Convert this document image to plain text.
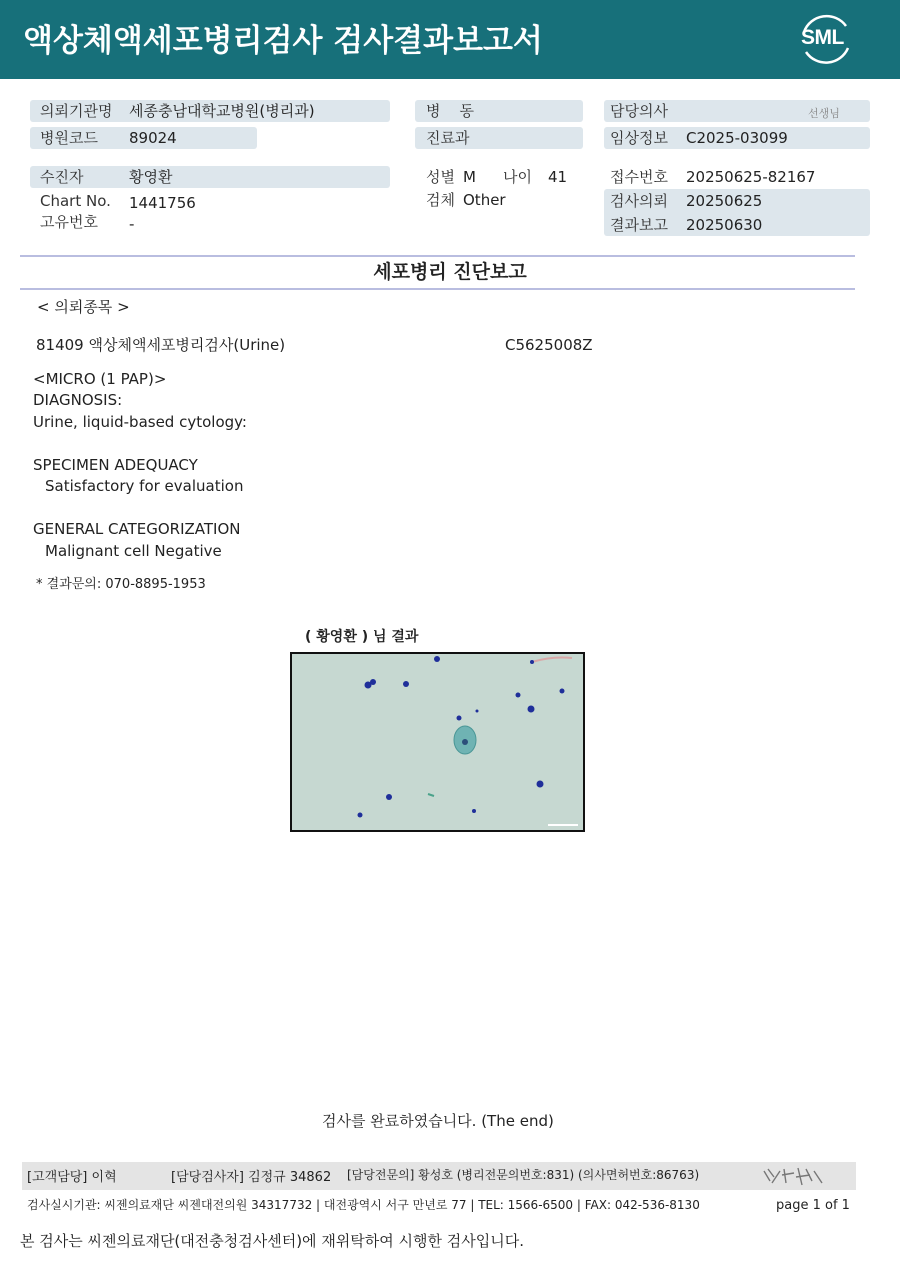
액상체액세포병리검사 검사결과보고서	SML
의뢰기관명 세종충남대학교병원(병리과)
병원코드 89024
병    동
진료과
담당의사	선생님
임상정보 C2025-03099
수진자	황영환
Chart No. 1441756
고유번호 -
성별 M 나이 41
검체 Other
접수번호 20250625-82167
검사의뢰 20250625
결과보고 20250630
세포병리 진단보고
< 의뢰종목 >
81409 액상체액세포병리검사(Urine)	C5625008Z
<MICRO (1 PAP)>
DIAGNOSIS:
Urine, liquid-based cytology:
SPECIMEN ADEQUACY
Satisfactory for evaluation
GENERAL CATEGORIZATION
Malignant cell Negative
* 결과문의: 070-8895-1953
( 황영환 ) 님 결과
검사를 완료하였습니다. (The end)
[고객담당] 이혁	[담당검사자] 김정규 34862 [담당전문의] 황성호 (병리전문의번호:831) (의사면허번호:86763)
검사실시기관: 씨젠의료재단 씨젠대전의원 34317732 | 대전광역시 서구 만년로 77 | TEL: 1566-6500 | FAX: 042-536-8130	page 1 of 1
본 검사는 씨젠의료재단(대전충청검사센터)에 재위탁하여 시행한 검사입니다.
